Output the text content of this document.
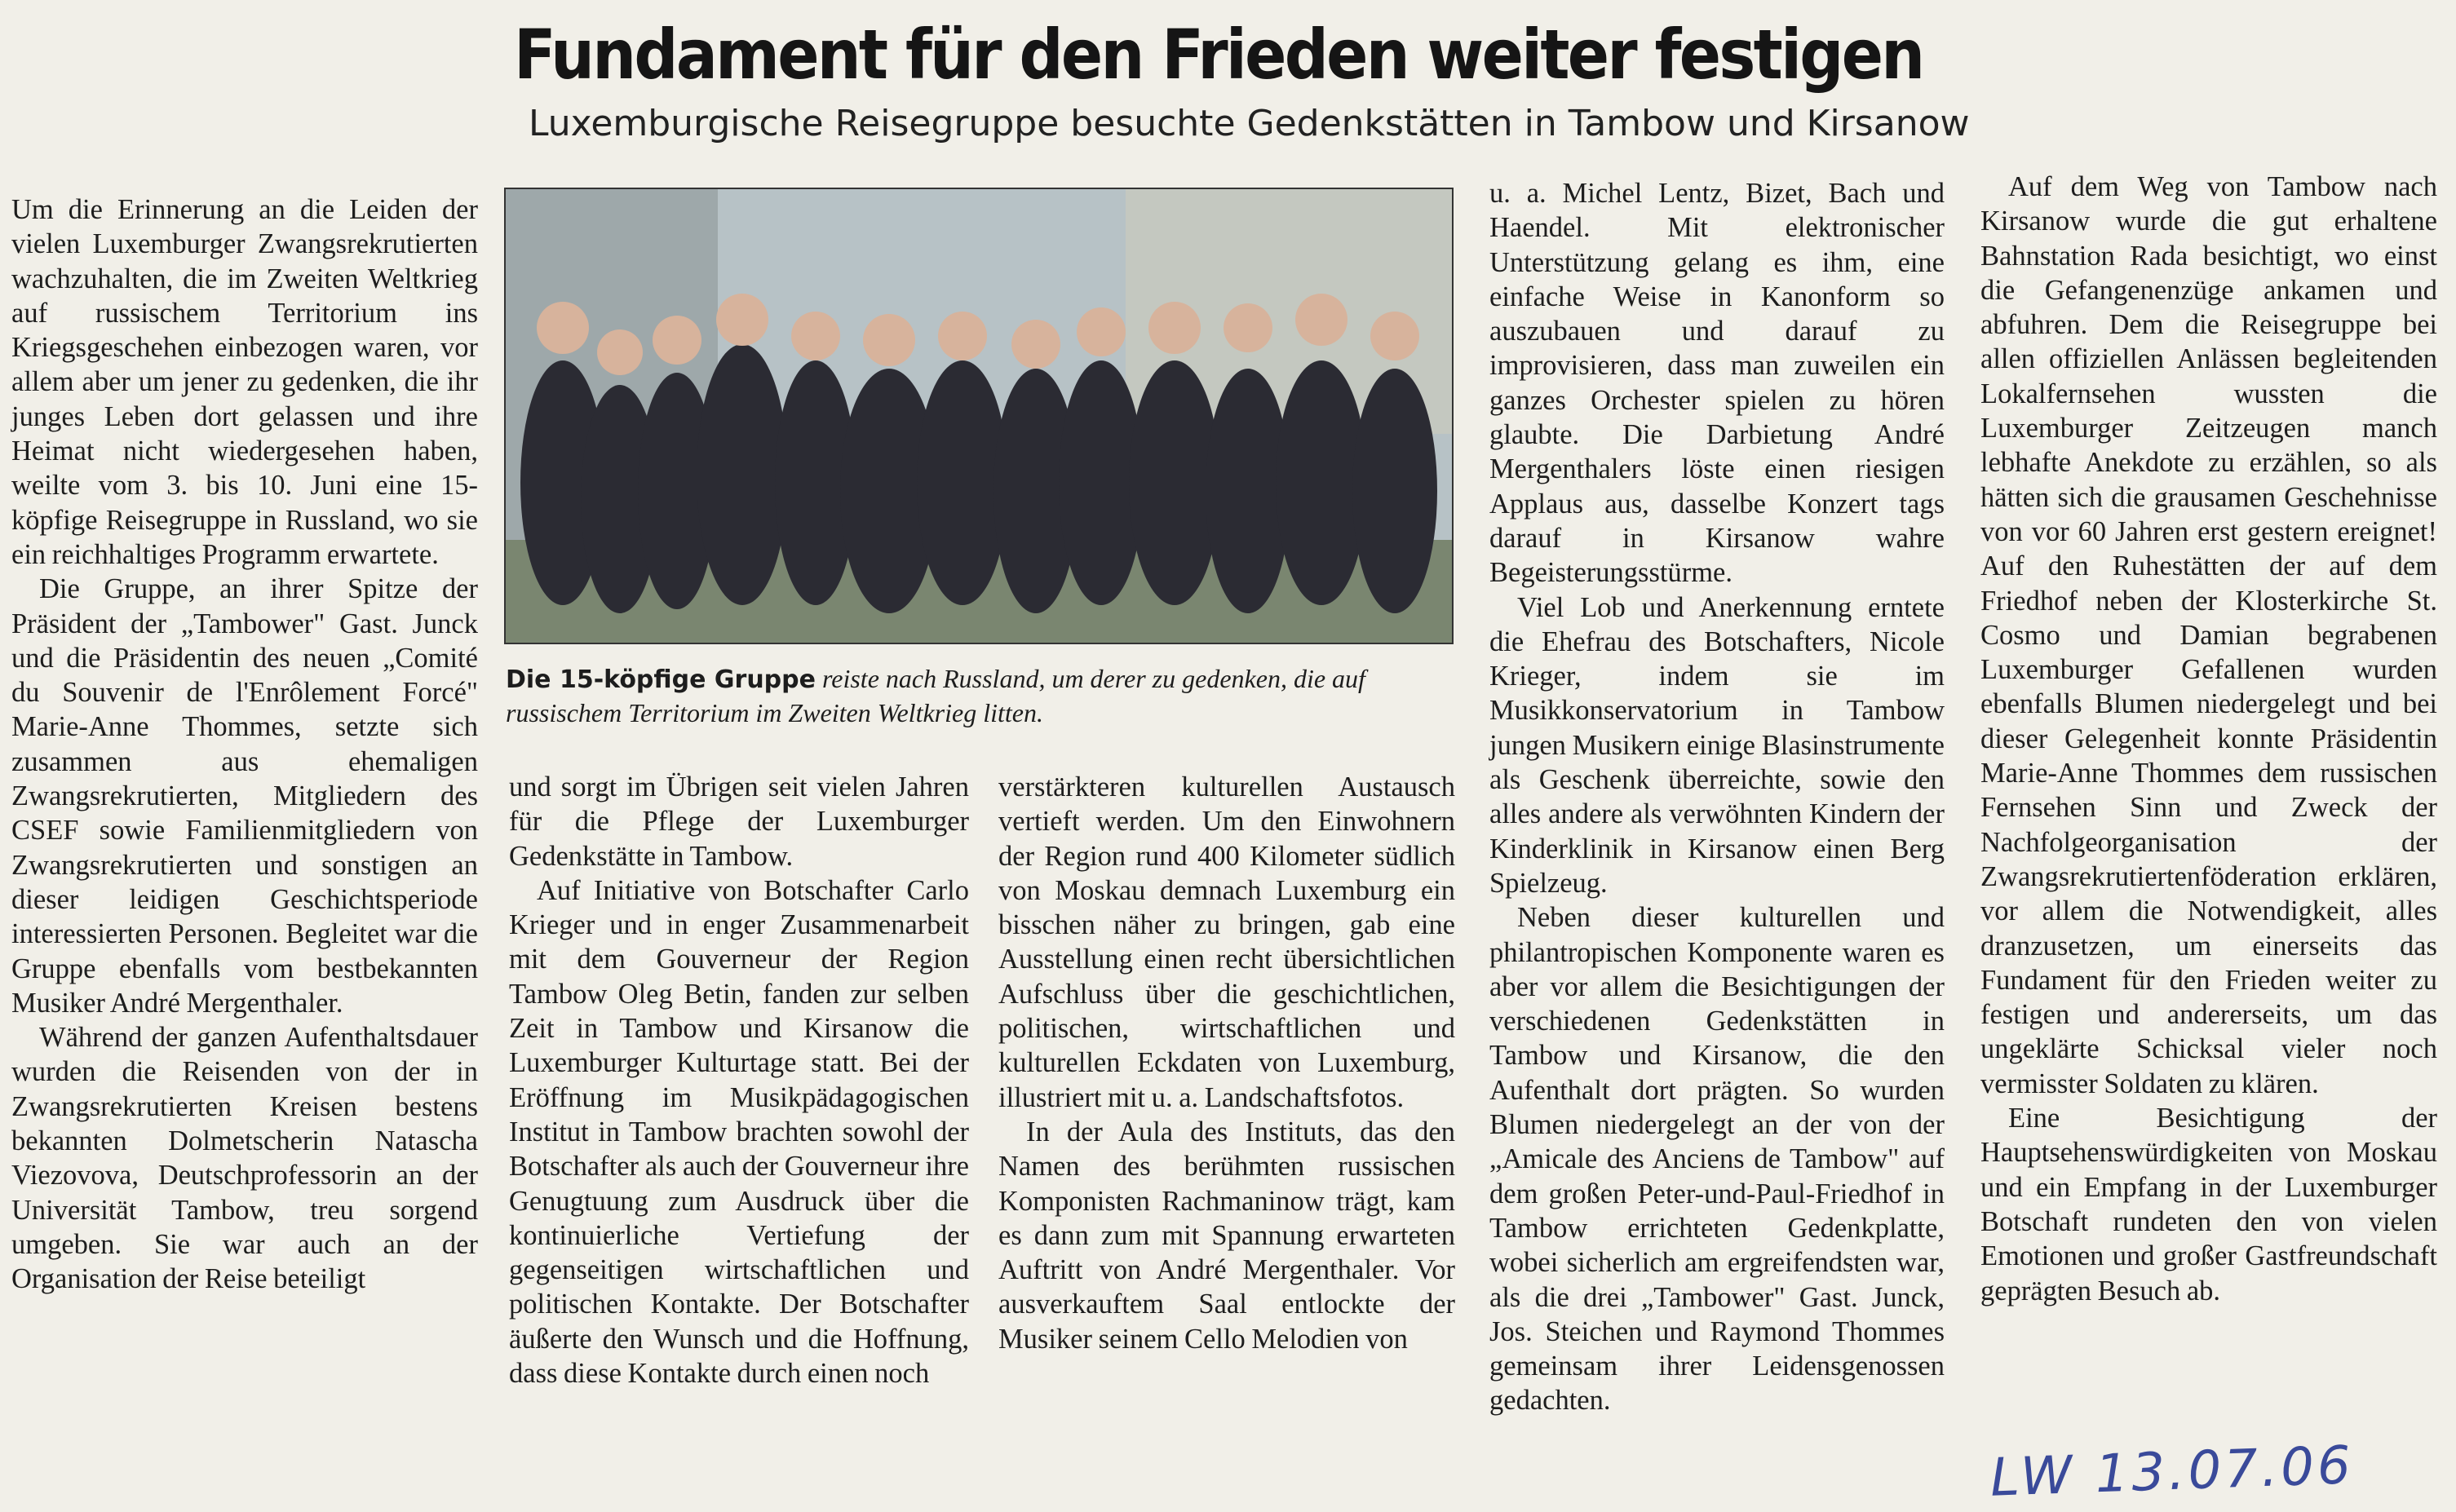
Fundament für den Frieden weiter festigen
Luxemburgische Reisegruppe besuchte Gedenkstätten in Tambow und Kirsanow
Die 15-köpfige Gruppe reiste nach Russland, um derer zu gedenken, die auf russischem Territorium im Zweiten Weltkrieg litten.

Um die Erinnerung an die Leiden der vielen Luxemburger Zwangsrekrutierten wachzuhalten, die im Zweiten Weltkrieg auf russischem Territorium ins Kriegsgeschehen einbezogen waren, vor allem aber um jener zu gedenken, die ihr junges Leben dort gelassen und ihre Heimat nicht wiedergesehen haben, weilte vom 3. bis 10. Juni eine 15-köpfige Reisegruppe in Russland, wo sie ein reichhaltiges Programm erwartete.

Die Gruppe, an ihrer Spitze der Präsident der „Tambower" Gast. Junck und die Präsidentin des neuen „Comité du Souvenir de l'Enrôlement Forcé" Marie-Anne Thommes, setzte sich zusammen aus ehemaligen Zwangsrekrutierten, Mitgliedern des CSEF sowie Familienmitgliedern von Zwangsrekrutierten und sonstigen an dieser leidigen Geschichtsperiode interessierten Personen. Begleitet war die Gruppe ebenfalls vom bestbekannten Musiker André Mergenthaler.

Während der ganzen Aufenthaltsdauer wurden die Reisenden von der in Zwangsrekrutierten Kreisen bestens bekannten Dolmetscherin Natascha Viezovova, Deutschprofessorin an der Universität Tambow, treu sorgend umgeben. Sie war auch an der Organisation der Reise beteiligt

und sorgt im Übrigen seit vielen Jahren für die Pflege der Luxemburger Gedenkstätte in Tambow.

Auf Initiative von Botschafter Carlo Krieger und in enger Zusammenarbeit mit dem Gouverneur der Region Tambow Oleg Betin, fanden zur selben Zeit in Tambow und Kirsanow die Luxemburger Kulturtage statt. Bei der Eröffnung im Musikpädagogischen Institut in Tambow brachten sowohl der Botschafter als auch der Gouverneur ihre Genugtuung zum Ausdruck über die kontinuierliche Vertiefung der gegenseitigen wirtschaftlichen und politischen Kontakte. Der Botschafter äußerte den Wunsch und die Hoffnung, dass diese Kontakte durch einen noch

verstärkteren kulturellen Austausch vertieft werden. Um den Einwohnern der Region rund 400 Kilometer südlich von Moskau demnach Luxemburg ein bisschen näher zu bringen, gab eine Ausstellung einen recht übersichtlichen Aufschluss über die geschichtlichen, politischen, wirtschaftlichen und kulturellen Eckdaten von Luxemburg, illustriert mit u. a. Landschaftsfotos.

In der Aula des Instituts, das den Namen des berühmten russischen Komponisten Rachmaninow trägt, kam es dann zum mit Spannung erwarteten Auftritt von André Mergenthaler. Vor ausverkauftem Saal entlockte der Musiker seinem Cello Melodien von

u. a. Michel Lentz, Bizet, Bach und Haendel. Mit elektronischer Unterstützung gelang es ihm, eine einfache Weise in Kanonform so auszubauen und darauf zu improvisieren, dass man zuweilen ein ganzes Orchester spielen zu hören glaubte. Die Darbietung André Mergenthalers löste einen riesigen Applaus aus, dasselbe Konzert tags darauf in Kirsanow wahre Begeisterungsstürme.

Viel Lob und Anerkennung erntete die Ehefrau des Botschafters, Nicole Krieger, indem sie im Musikkonservatorium in Tambow jungen Musikern einige Blasinstrumente als Geschenk überreichte, sowie den alles andere als verwöhnten Kindern der Kinderklinik in Kirsanow einen Berg Spielzeug.

Neben dieser kulturellen und philantropischen Komponente waren es aber vor allem die Besichtigungen der verschiedenen Gedenkstätten in Tambow und Kirsanow, die den Aufenthalt dort prägten. So wurden Blumen niedergelegt an der von der „Amicale des Anciens de Tambow" auf dem großen Peter-und-Paul-Friedhof in Tambow errichteten Gedenkplatte, wobei sicherlich am ergreifendsten war, als die drei „Tambower" Gast. Junck, Jos. Steichen und Raymond Thommes gemeinsam ihrer Leidensgenossen gedachten.

Auf dem Weg von Tambow nach Kirsanow wurde die gut erhaltene Bahnstation Rada besichtigt, wo einst die Gefangenenzüge ankamen und abfuhren. Dem die Reisegruppe bei allen offiziellen Anlässen begleitenden Lokalfernsehen wussten die Luxemburger Zeitzeugen manch lebhafte Anekdote zu erzählen, so als hätten sich die grausamen Geschehnisse von vor 60 Jahren erst gestern ereignet! Auf den Ruhestätten der auf dem Friedhof neben der Klosterkirche St. Cosmo und Damian begrabenen Luxemburger Gefallenen wurden ebenfalls Blumen niedergelegt und bei dieser Gelegenheit konnte Präsidentin Marie-Anne Thommes dem russischen Fernsehen Sinn und Zweck der Nachfolgeorganisation der Zwangsrekrutiertenföderation erklären, vor allem die Notwendigkeit, alles dranzusetzen, um einerseits das Fundament für den Frieden weiter zu festigen und andererseits, um das ungeklärte Schicksal vieler noch vermisster Soldaten zu klären.

Eine Besichtigung der Hauptsehenswürdigkeiten von Moskau und ein Empfang in der Luxemburger Botschaft rundeten den von vielen Emotionen und großer Gastfreundschaft geprägten Besuch ab.

LW 13.07.06
